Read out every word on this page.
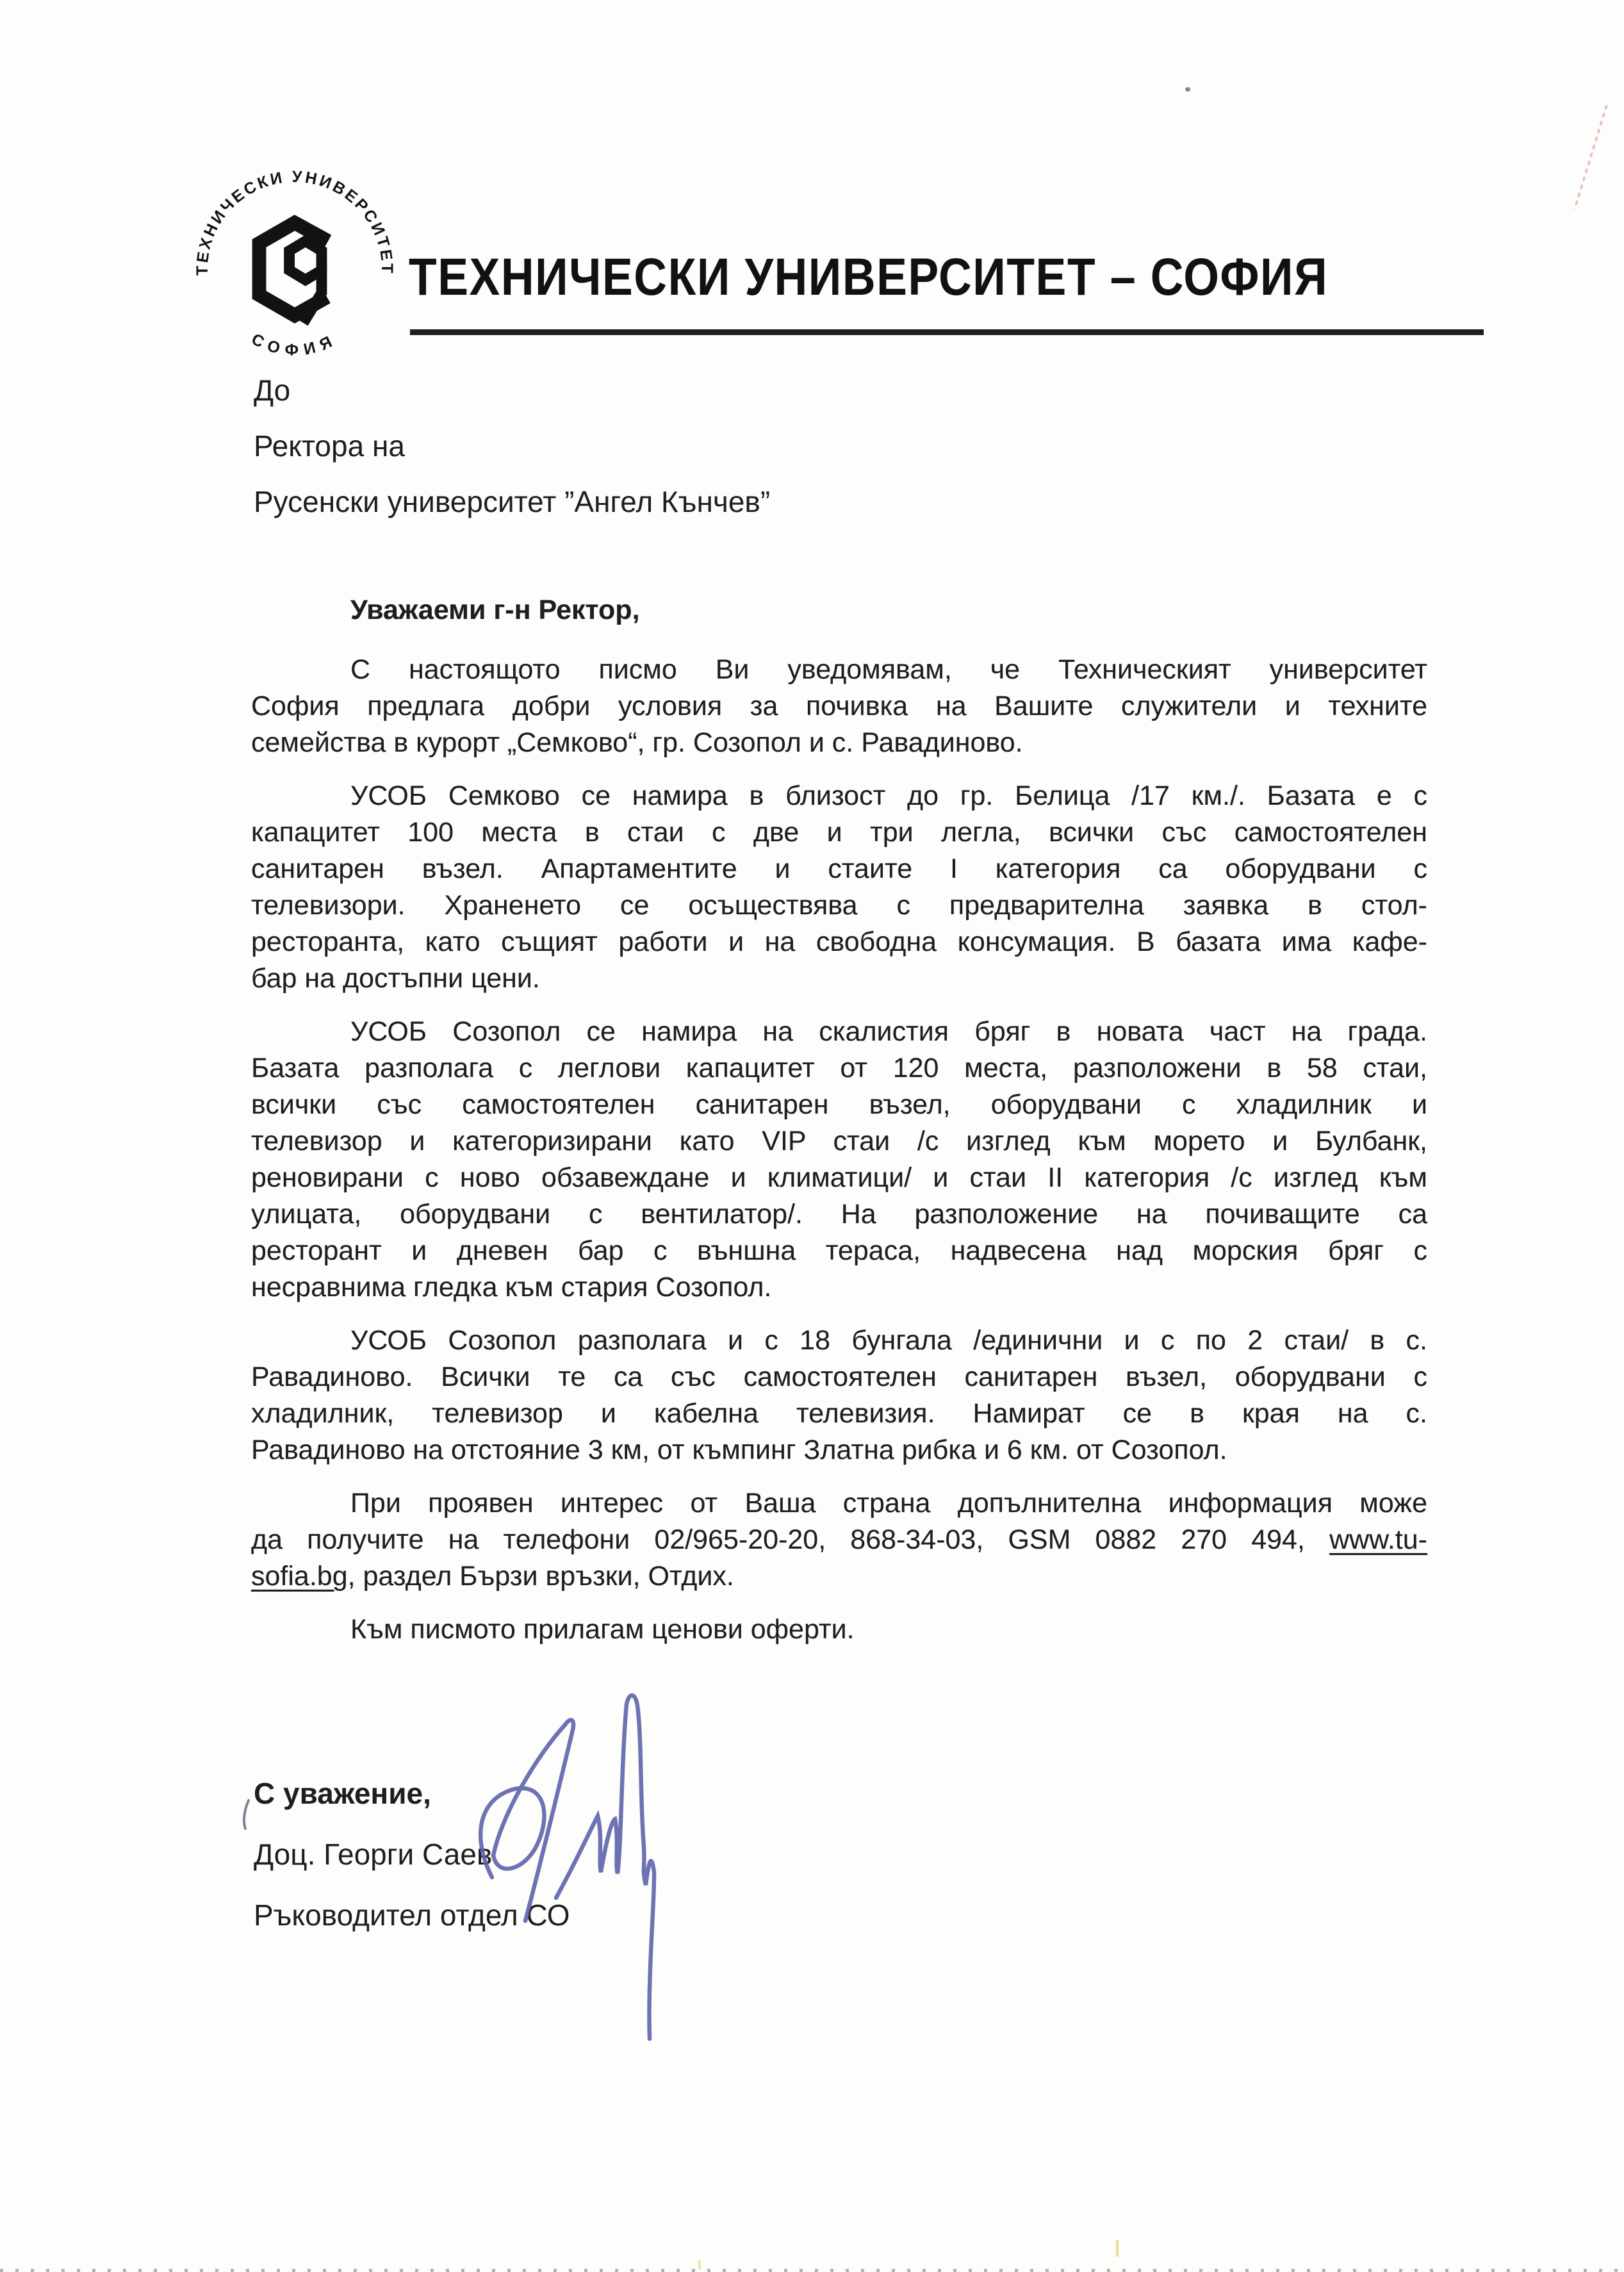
ТЕХНИЧЕСКИ УНИВЕРСИТЕТ
СОФИЯ
ТЕХНИЧЕСКИ УНИВЕРСИТЕТ – СОФИЯ
До
Ректора на
Русенски университет ”Ангел Кънчев”
Уважаеми г-н Ректор,
С настоящото писмо Ви уведомявам, че Техническият университет
София предлага добри условия за почивка на Вашите служители и техните
семейства в курорт „Семково“, гр. Созопол и с. Равадиново.
УСОБ Семково се намира в близост до гр. Белица /17 км./. Базата е с
капацитет 100 места в стаи с две и три легла, всички със самостоятелен
санитарен възел. Апартаментите и стаите I категория са оборудвани с
телевизори. Храненето се осъществява с предварителна заявка в стол-
ресторанта, като същият работи и на свободна консумация. В базата има кафе-
бар на достъпни цени.
УСОБ Созопол се намира на скалистия бряг в новата част на града.
Базата разполага с леглови капацитет от 120 места, разположени в 58 стаи,
всички със самостоятелен санитарен възел, оборудвани с хладилник и
телевизор и категоризирани като VIP стаи /с изглед към морето и Булбанк,
реновирани с ново обзавеждане и климатици/ и стаи II категория /с изглед към
улицата, оборудвани с вентилатор/. На разположение на почиващите са
ресторант и дневен бар с външна тераса, надвесена над морския бряг с
несравнима гледка към стария Созопол.
УСОБ Созопол разполага и с 18 бунгала /единични и с по 2 стаи/ в с.
Равадиново. Всички те са със самостоятелен санитарен възел, оборудвани с
хладилник, телевизор и кабелна телевизия. Намират се в края на с.
Равадиново на отстояние 3 км, от къмпинг Златна рибка и 6 км. от Созопол.
При проявен интерес от Ваша страна допълнителна информация може
да получите на телефони 02/965-20-20, 868-34-03, GSM 0882 270 494, www.tu-
sofia.bg, раздел Бързи връзки, Отдих.
Към писмото прилагам ценови оферти.
С уважение,
Доц. Георги Саев
Ръководител отдел СО
